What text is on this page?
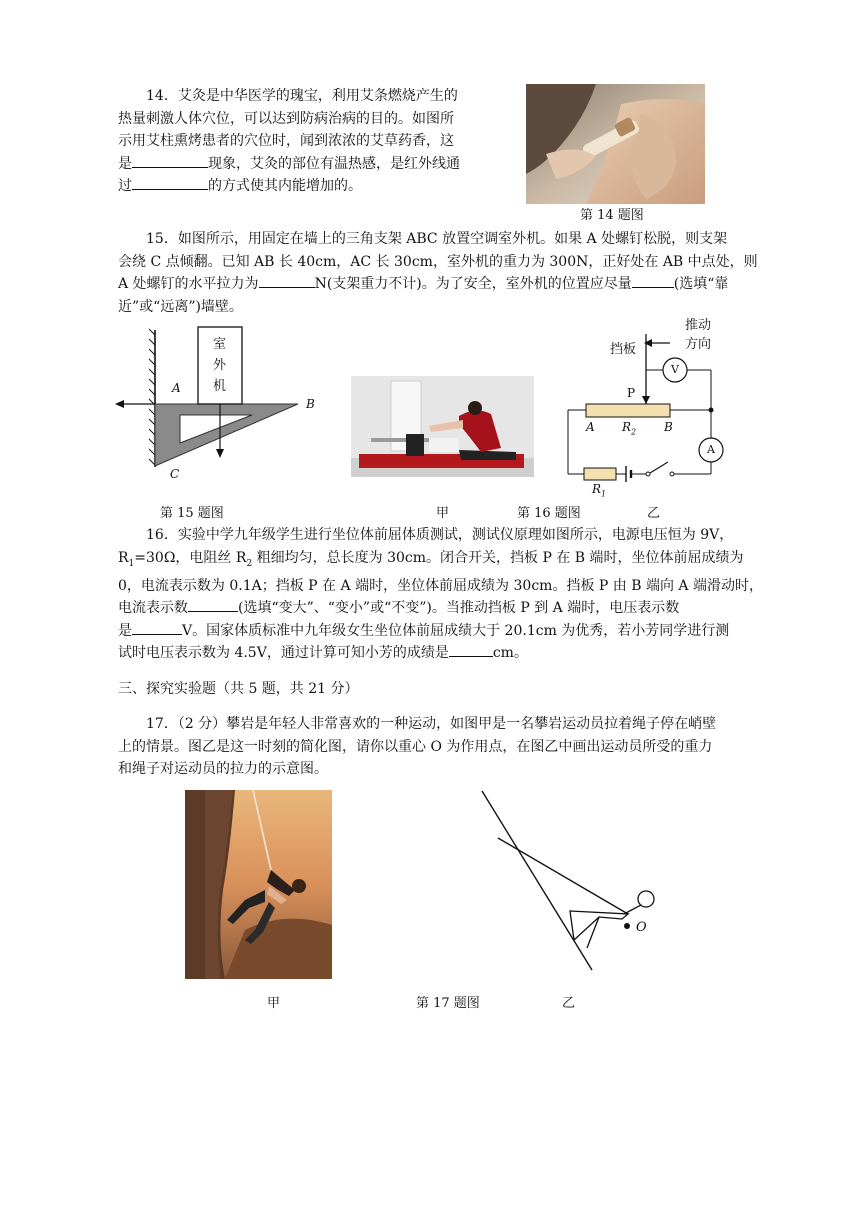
14．艾灸是中华医学的瑰宝，利用艾条燃烧产生的
热量刺激人体穴位，可以达到防病治病的目的。如图所
示用艾柱熏烤患者的穴位时，闻到浓浓的艾草药香，这
是	现象，艾灸的部位有温热感，是红外线通
过	的方式使其内能增加的。
第 14 题图
15．如图所示，用固定在墙上的三角支架 ABC 放置空调室外机。如果 A 处螺钉松脱，则支架
会绕 C 点倾翻。已知 AB 长 40cm，AC 长 30cm，室外机的重力为 300N，正好处在 AB 中点处，则
A 处螺钉的水平拉力为	N(支架重力不计)。为了安全，室外机的位置应尽量	(选填“靠
近”或“远离”)墙壁。
室
外
机
A
B
C
第 15 题图
推动
方向
挡板
V
A
P
A $R_2$ B
$R_1$
甲	第 16 题图	乙
16．实验中学九年级学生进行坐位体前屈体质测试，测试仪原理如图所示，电源电压恒为 9V，
$R_1=30\Omega$，电阻丝 $R_2$ 粗细均匀，总长度为 30cm。闭合开关，挡板 P 在 B 端时，坐位体前屈成绩为
0，电流表示数为 0.1A；挡板 P 在 A 端时，坐位体前屈成绩为 30cm。挡板 P 由 B 端向 A 端滑动时，
电流表示数	(选填“变大”、“变小”或“不变”)。当推动挡板 P 到 A 端时，电压表示数
是	V。国家体质标准中九年级女生坐位体前屈成绩大于 20.1cm 为优秀，若小芳同学进行测
试时电压表示数为 4.5V，通过计算可知小芳的成绩是	cm。
三、探究实验题（共 5 题，共 21 分）
17．（2 分）攀岩是年轻人非常喜欢的一种运动，如图甲是一名攀岩运动员拉着绳子停在峭壁
上的情景。图乙是这一时刻的简化图，请你以重心 O 为作用点，在图乙中画出运动员所受的重力
和绳子对运动员的拉力的示意图。
O
甲	第 17 题图	乙
